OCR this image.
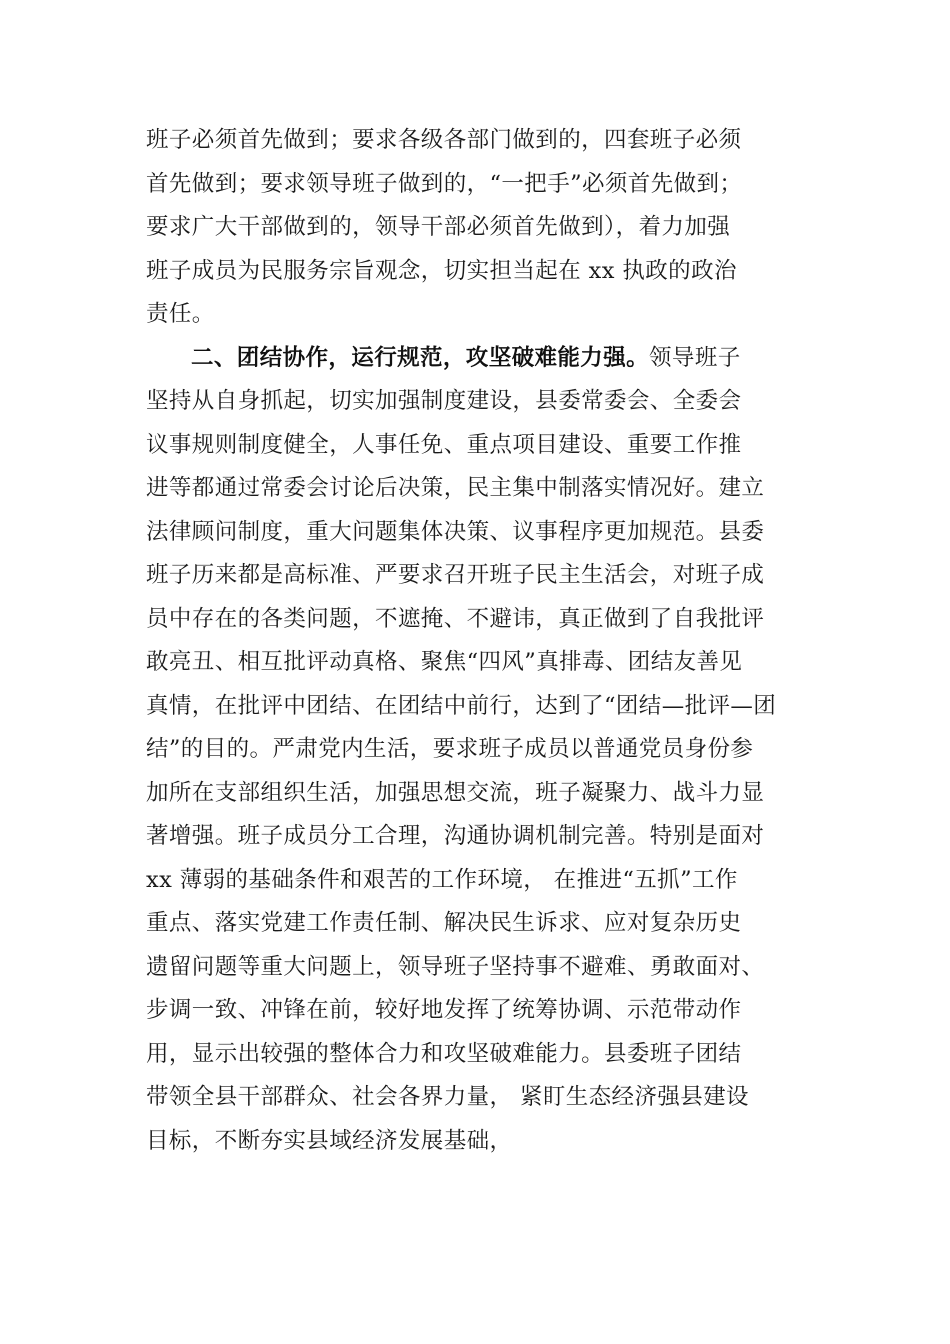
班子必须首先做到；要求各级各部门做到的，四套班子必须
首先做到；要求领导班子做到的，“一把手”必须首先做到；
要求广大干部做到的，领导干部必须首先做到），着力加强
班子成员为民服务宗旨观念，切实担当起在 xx 执政的政治
责任。
二、团结协作，运行规范，攻坚破难能力强。领导班子
坚持从自身抓起，切实加强制度建设，县委常委会、全委会
议事规则制度健全，人事任免、重点项目建设、重要工作推
进等都通过常委会讨论后决策，民主集中制落实情况好。建立
法律顾问制度，重大问题集体决策、议事程序更加规范。县委
班子历来都是高标准、严要求召开班子民主生活会，对班子成
员中存在的各类问题，不遮掩、不避讳，真正做到了自我批评
敢亮丑、相互批评动真格、聚焦“四风”真排毒、团结友善见
真情，在批评中团结、在团结中前行，达到了“团结—批评—团
结”的目的。严肃党内生活，要求班子成员以普通党员身份参
加所在支部组织生活，加强思想交流，班子凝聚力、战斗力显
著增强。班子成员分工合理，沟通协调机制完善。特别是面对
xx 薄弱的基础条件和艰苦的工作环境， 在推进“五抓”工作
重点、落实党建工作责任制、解决民生诉求、应对复杂历史
遗留问题等重大问题上，领导班子坚持事不避难、勇敢面对、
步调一致、冲锋在前，较好地发挥了统筹协调、示范带动作
用，显示出较强的整体合力和攻坚破难能力。县委班子团结
带领全县干部群众、社会各界力量， 紧盯生态经济强县建设
目标，不断夯实县域经济发展基础，
